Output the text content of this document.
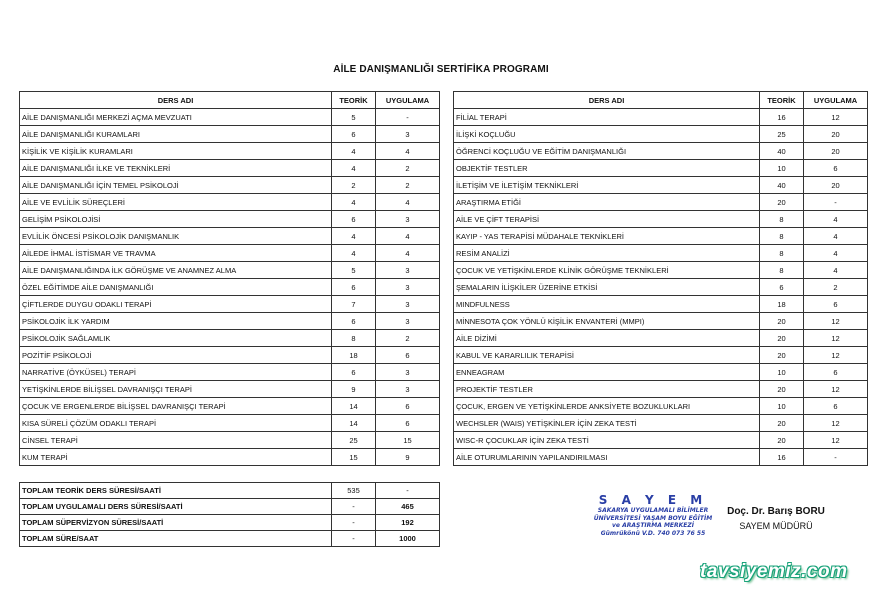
AİLE DANIŞMANLIĞI SERTİFİKA PROGRAMI
DERS ADI	TEORİK	UYGULAMA
AİLE DANIŞMANLIĞI MERKEZİ AÇMA MEVZUATI	5	-
AİLE DANIŞMANLIĞI KURAMLARI	6	3
KİŞİLİK VE KİŞİLİK KURAMLARI	4	4
AİLE DANIŞMANLIĞI İLKE VE TEKNİKLERİ	4	2
AİLE DANIŞMANLIĞI İÇİN TEMEL PSİKOLOJİ	2	2
AİLE VE EVLİLİK SÜREÇLERİ	4	4
GELİŞİM PSİKOLOJİSİ	6	3
EVLİLİK ÖNCESİ PSİKOLOJİK DANIŞMANLIK	4	4
AİLEDE İHMAL İSTİSMAR VE TRAVMA	4	4
AİLE DANIŞMANLIĞINDA İLK GÖRÜŞME VE ANAMNEZ ALMA	5	3
ÖZEL EĞİTİMDE AİLE DANIŞMANLIĞI	6	3
ÇİFTLERDE DUYGU ODAKLI TERAPİ	7	3
PSİKOLOJİK İLK YARDIM	6	3
PSİKOLOJİK SAĞLAMLIK	8	2
POZİTİF PSİKOLOJİ	18	6
NARRATİVE (ÖYKÜSEL) TERAPİ	6	3
YETİŞKİNLERDE BİLİŞSEL DAVRANIŞÇI TERAPİ	9	3
ÇOCUK VE ERGENLERDE BİLİŞSEL DAVRANIŞÇI TERAPİ	14	6
KISA SÜRELİ ÇÖZÜM ODAKLI TERAPİ	14	6
CİNSEL TERAPİ	25	15
KUM TERAPİ	15	9
DERS ADI	TEORİK	UYGULAMA
FİLİAL TERAPİ	16	12
İLİŞKİ KOÇLUĞU	25	20
ÖĞRENCİ KOÇLUĞU VE EĞİTİM DANIŞMANLIĞI	40	20
OBJEKTİF TESTLER	10	6
İLETİŞİM VE İLETİŞİM TEKNİKLERİ	40	20
ARAŞTIRMA ETİĞİ	20	-
AİLE VE ÇİFT TERAPİSİ	8	4
KAYIP - YAS TERAPİSİ MÜDAHALE TEKNİKLERİ	8	4
RESİM ANALİZİ	8	4
ÇOCUK VE YETİŞKİNLERDE KLİNİK GÖRÜŞME TEKNİKLERİ	8	4
ŞEMALARIN İLİŞKİLER ÜZERİNE ETKİSİ	6	2
MINDFULNESS	18	6
MİNNESOTA ÇOK YÖNLÜ KİŞİLİK ENVANTERİ (MMPI)	20	12
AİLE DİZİMİ	20	12
KABUL VE KARARLILIK TERAPİSİ	20	12
ENNEAGRAM	10	6
PROJEKTİF TESTLER	20	12
ÇOCUK, ERGEN VE YETİŞKİNLERDE ANKSİYETE BOZUKLUKLARI	10	6
WECHSLER (WAIS) YETİŞKİNLER İÇİN ZEKA TESTİ	20	12
WISC-R ÇOCUKLAR İÇİN ZEKA TESTİ	20	12
AİLE OTURUMLARININ YAPILANDIRILMASI	16	-
TOPLAM TEORİK DERS SÜRESİ/SAATİ	535	-
TOPLAM UYGULAMALI DERS SÜRESİ/SAATİ	-	465
TOPLAM SÜPERVİZYON SÜRESİ/SAATİ	-	192
TOPLAM SÜRE/SAAT	-	1000
S A Y E M
SAKARYA UYGULAMALI BİLİMLER
ÜNİVERSİTESİ YAŞAM BOYU EĞİTİM
ve ARAŞTIRMA MERKEZİ
Gümrükönü V.D. 740 073 76 55
Doç. Dr. Barış BORU
SAYEM MÜDÜRÜ
tavsiyemiz.com
